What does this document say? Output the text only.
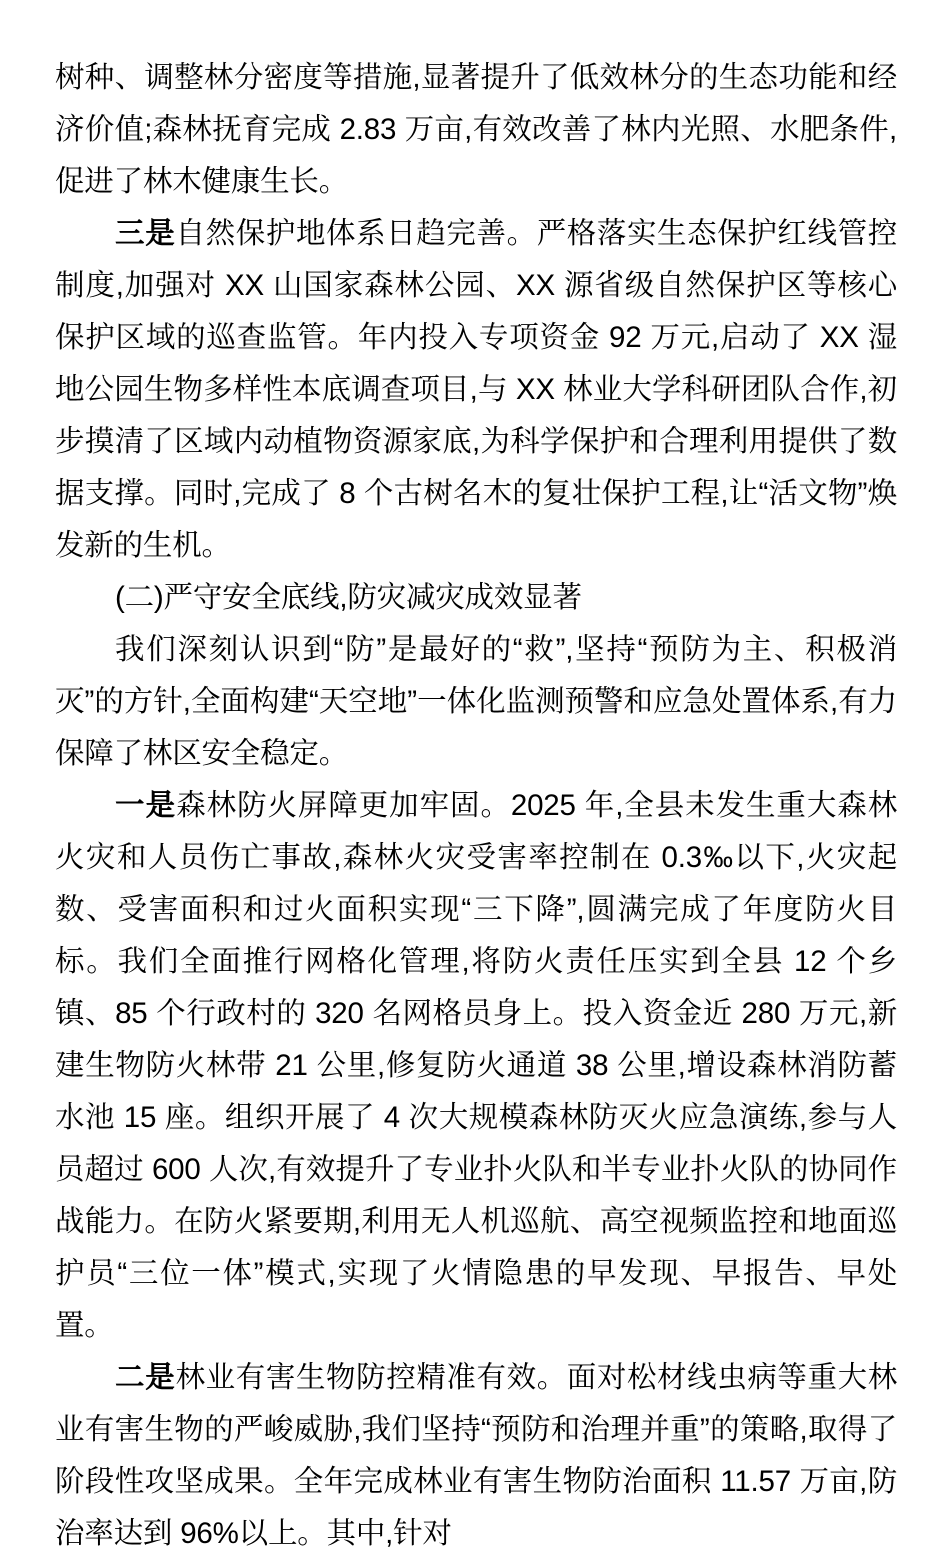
树种、调整林分密度等措施,显著提升了低效林分的生态功能和经济价值;森林抚育完成 2.83 万亩,有效改善了林内光照、水肥条件,促进了林木健康生长。

三是自然保护地体系日趋完善。严格落实生态保护红线管控制度,加强对 XX 山国家森林公园、XX 源省级自然保护区等核心保护区域的巡查监管。年内投入专项资金 92 万元,启动了 XX 湿地公园生物多样性本底调查项目,与 XX 林业大学科研团队合作,初步摸清了区域内动植物资源家底,为科学保护和合理利用提供了数据支撑。同时,完成了 8 个古树名木的复壮保护工程,让“活文物”焕发新的生机。

(二)严守安全底线,防灾减灾成效显著

我们深刻认识到“防”是最好的“救”,坚持“预防为主、积极消灭”的方针,全面构建“天空地”一体化监测预警和应急处置体系,有力保障了林区安全稳定。

一是森林防火屏障更加牢固。2025 年,全县未发生重大森林火灾和人员伤亡事故,森林火灾受害率控制在 0.3‰以下,火灾起数、受害面积和过火面积实现“三下降”,圆满完成了年度防火目标。我们全面推行网格化管理,将防火责任压实到全县 12 个乡镇、85 个行政村的 320 名网格员身上。投入资金近 280 万元,新建生物防火林带 21 公里,修复防火通道 38 公里,增设森林消防蓄水池 15 座。组织开展了 4 次大规模森林防灭火应急演练,参与人员超过 600 人次,有效提升了专业扑火队和半专业扑火队的协同作战能力。在防火紧要期,利用无人机巡航、高空视频监控和地面巡护员“三位一体”模式,实现了火情隐患的早发现、早报告、早处置。

二是林业有害生物防控精准有效。面对松材线虫病等重大林业有害生物的严峻威胁,我们坚持“预防和治理并重”的策略,取得了阶段性攻坚成果。全年完成林业有害生物防治面积 11.57 万亩,防治率达到 96%以上。其中,针对
